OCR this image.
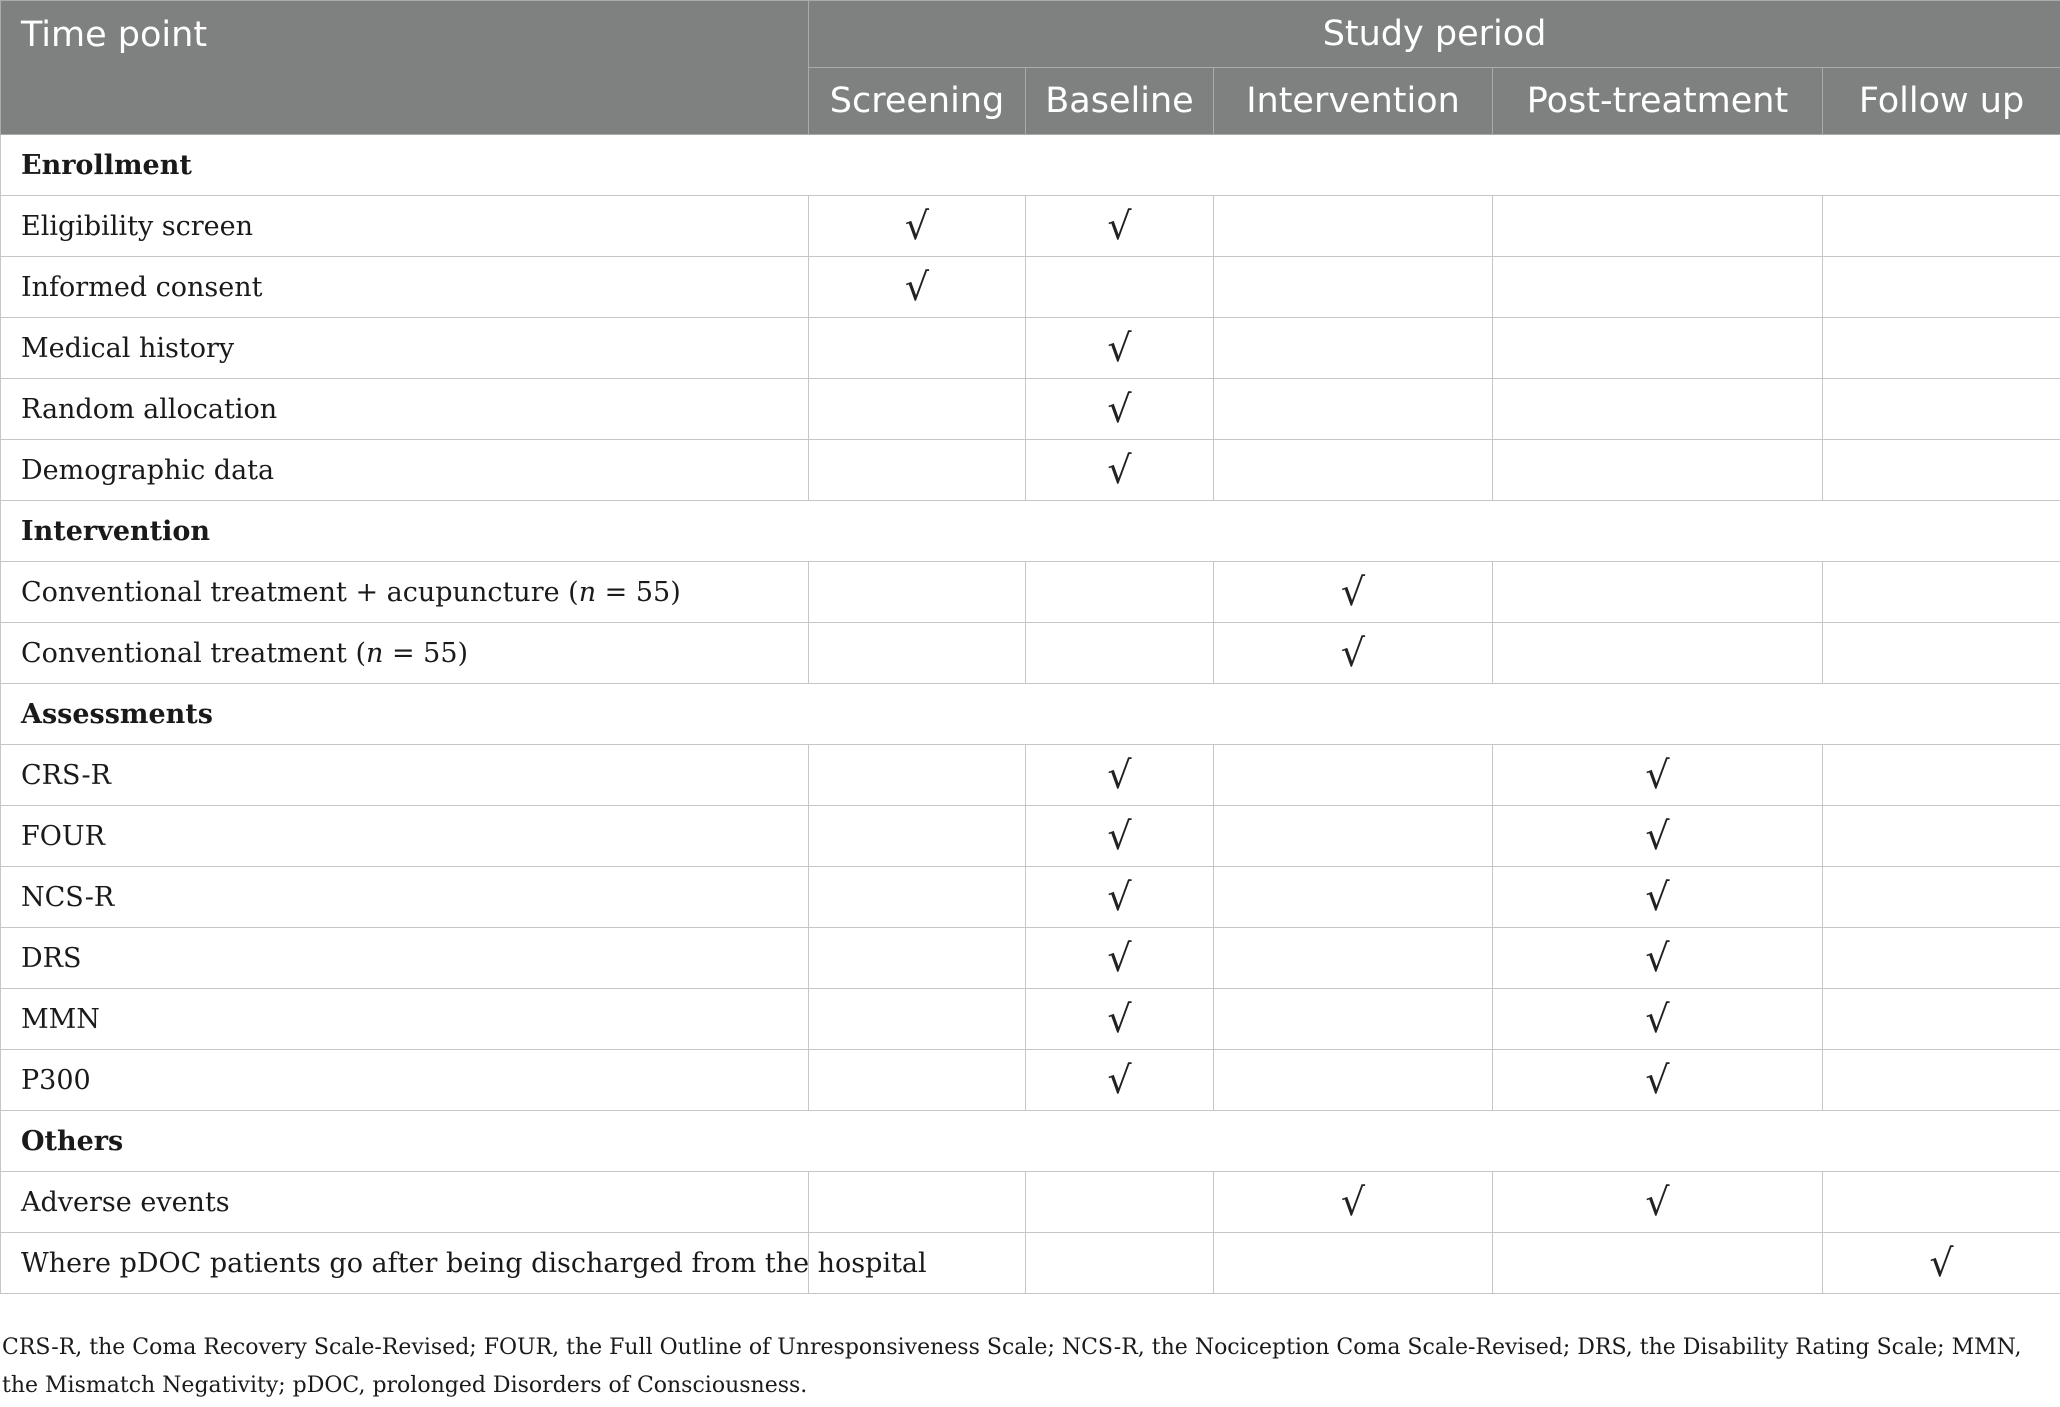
Time point	Study period				
	Screening	Baseline	Intervention	Post-treatment	Follow up
Enrollment					
Eligibility screen	√	√			
Informed consent	√				
Medical history		√			
Random allocation		√			
Demographic data		√			
Intervention					
Conventional treatment + acupuncture (n = 55)			√		
Conventional treatment (n = 55)			√		
Assessments					
CRS-R		√		√	
FOUR		√		√	
NCS-R		√		√	
DRS		√		√	
MMN		√		√	
P300		√		√	
Others					
Adverse events			√	√	
Where pDOC patients go after being discharged from the hospital					√
CRS-R, the Coma Recovery Scale-Revised; FOUR, the Full Outline of Unresponsiveness Scale; NCS-R, the Nociception Coma Scale-Revised; DRS, the Disability Rating Scale; MMN, the Mismatch Negativity; pDOC, prolonged Disorders of Consciousness.
